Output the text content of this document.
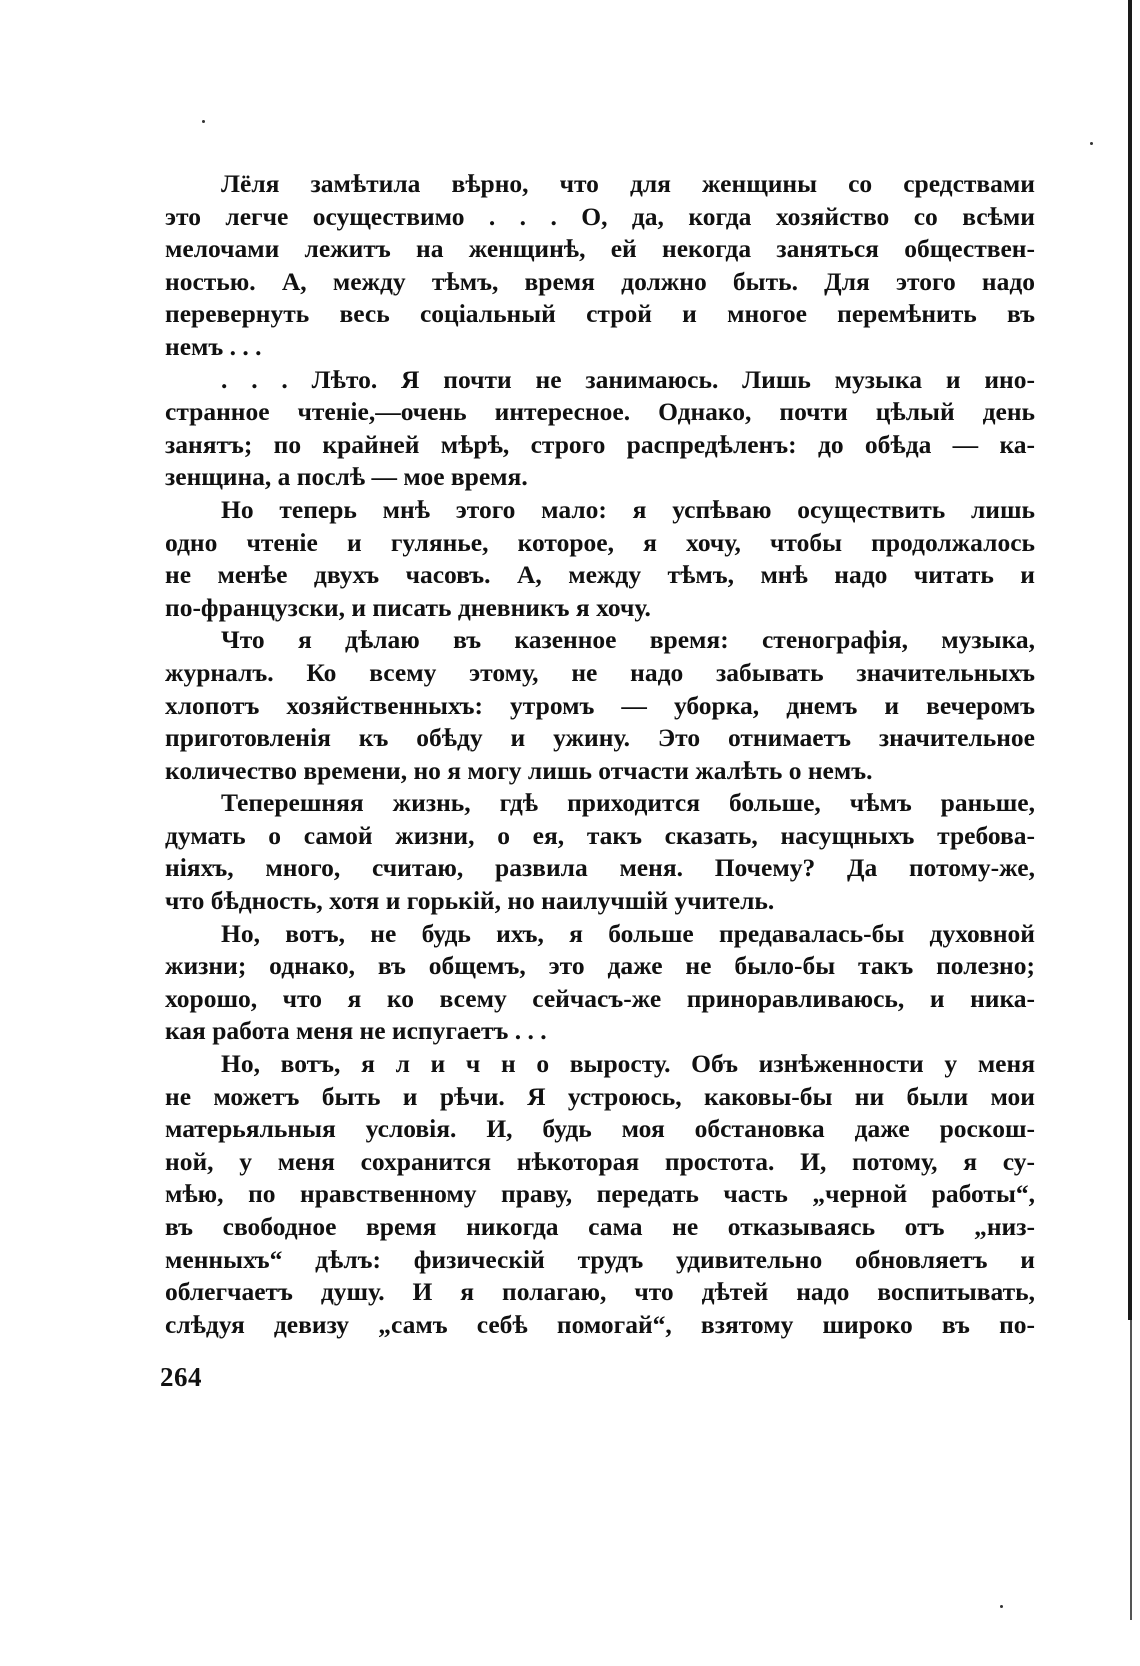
Лёля замѣтила вѣрно, что для женщины со средствами
это легче осуществимо . . . О, да, когда хозяйство со всѣми
мелочами лежитъ на женщинѣ, ей некогда заняться обществен-
ностью. А, между тѣмъ, время должно быть. Для этого надо
перевернуть весь соціальный строй и многое перемѣнить въ
немъ . . .
. . . Лѣто. Я почти не занимаюсь. Лишь музыка и ино-
странное чтеніе,—очень интересное. Однако, почти цѣлый день
занятъ; по крайней мѣрѣ, строго распредѣленъ: до обѣда — ка-
зенщина, а послѣ — мое время.
Но теперь мнѣ этого мало: я успѣваю осуществить лишь
одно чтеніе и гулянье, которое, я хочу, чтобы продолжалось
не менѣе двухъ часовъ. А, между тѣмъ, мнѣ надо читать и
по-французски, и писать дневникъ я хочу.
Что я дѣлаю въ казенное время: стенографія, музыка,
журналъ. Ко всему этому, не надо забывать значительныхъ
хлопотъ хозяйственныхъ: утромъ — уборка, днемъ и вечеромъ
приготовленія къ обѣду и ужину. Это отнимаетъ значительное
количество времени, но я могу лишь отчасти жалѣть о немъ.
Теперешняя жизнь, гдѣ приходится больше, чѣмъ раньше,
думать о самой жизни, о ея, такъ сказать, насущныхъ требова-
ніяхъ, много, считаю, развила меня. Почему? Да потому-же,
что бѣдность, хотя и горькій, но наилучшій учитель.
Но, вотъ, не будь ихъ, я больше предавалась-бы духовной
жизни; однако, въ общемъ, это даже не было-бы такъ полезно;
хорошо, что я ко всему сейчасъ-же приноравливаюсь, и ника-
кая работа меня не испугаетъ . . .
Но, вотъ, я л и ч н о выросту. Объ изнѣженности у меня
не можетъ быть и рѣчи. Я устроюсь, каковы-бы ни были мои
матерьяльныя условія. И, будь моя обстановка даже роскош-
ной, у меня сохранится нѣкоторая простота. И, потому, я су-
мѣю, по нравственному праву, передать часть „черной работы“,
въ свободное время никогда сама не отказываясь отъ „низ-
менныхъ“ дѣлъ: физическій трудъ удивительно обновляетъ и
облегчаетъ душу. И я полагаю, что дѣтей надо воспитывать,
слѣдуя девизу „самъ себѣ помогай“, взятому широко въ по-
264
